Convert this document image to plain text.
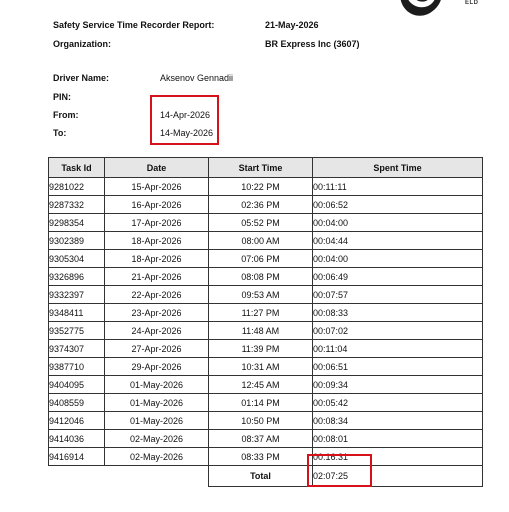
ELD
Safety Service Time Recorder Report:	21-May-2026
Organization:	BR Express Inc (3607)
Driver Name:	Aksenov Gennadii
PIN:
From:	14-Apr-2026
To:	14-May-2026
Task Id	Date	Start Time	Spent Time
9281022	15-Apr-2026	10:22 PM	00:11:11
9287332	16-Apr-2026	02:36 PM	00:06:52
9298354	17-Apr-2026	05:52 PM	00:04:00
9302389	18-Apr-2026	08:00 AM	00:04:44
9305304	18-Apr-2026	07:06 PM	00:04:00
9326896	21-Apr-2026	08:08 PM	00:06:49
9332397	22-Apr-2026	09:53 AM	00:07:57
9348411	23-Apr-2026	11:27 PM	00:08:33
9352775	24-Apr-2026	11:48 AM	00:07:02
9374307	27-Apr-2026	11:39 PM	00:11:04
9387710	29-Apr-2026	10:31 AM	00:06:51
9404095	01-May-2026	12:45 AM	00:09:34
9408559	01-May-2026	01:14 PM	00:05:42
9412046	01-May-2026	10:50 PM	00:08:34
9414036	02-May-2026	08:37 AM	00:08:01
9416914	02-May-2026	08:33 PM	00:16:31
		Total	02:07:25
